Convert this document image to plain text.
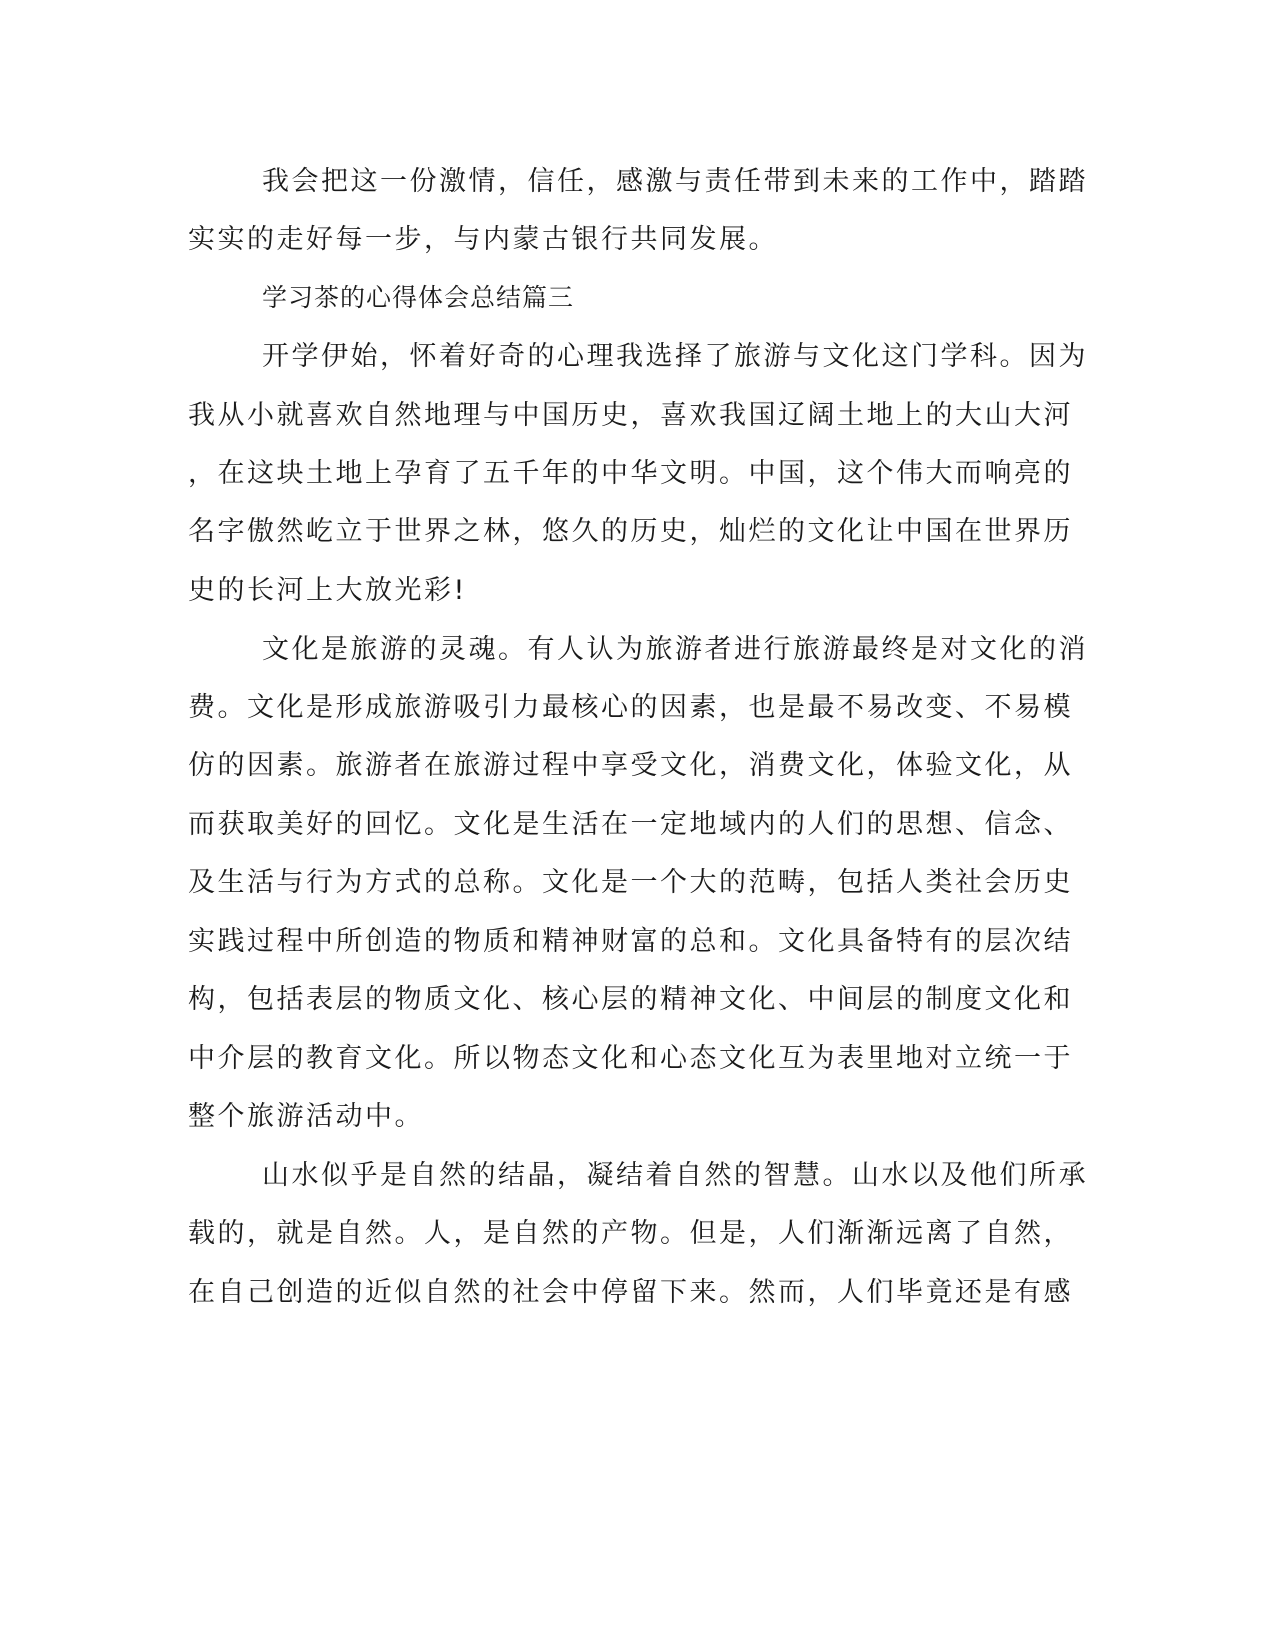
我会把这一份激情，信任，感激与责任带到未来的工作中，踏踏
实实的走好每一步，与内蒙古银行共同发展。
学习茶的心得体会总结篇三
开学伊始，怀着好奇的心理我选择了旅游与文化这门学科。因为
我从小就喜欢自然地理与中国历史，喜欢我国辽阔土地上的大山大河
，在这块土地上孕育了五千年的中华文明。中国，这个伟大而响亮的
名字傲然屹立于世界之林，悠久的历史，灿烂的文化让中国在世界历
史的长河上大放光彩!
文化是旅游的灵魂。有人认为旅游者进行旅游最终是对文化的消
费。文化是形成旅游吸引力最核心的因素，也是最不易改变、不易模
仿的因素。旅游者在旅游过程中享受文化，消费文化，体验文化，从
而获取美好的回忆。文化是生活在一定地域内的人们的思想、信念、
及生活与行为方式的总称。文化是一个大的范畴，包括人类社会历史
实践过程中所创造的物质和精神财富的总和。文化具备特有的层次结
构，包括表层的物质文化、核心层的精神文化、中间层的制度文化和
中介层的教育文化。所以物态文化和心态文化互为表里地对立统一于
整个旅游活动中。
山水似乎是自然的结晶，凝结着自然的智慧。山水以及他们所承
载的，就是自然。人，是自然的产物。但是，人们渐渐远离了自然，
在自己创造的近似自然的社会中停留下来。然而，人们毕竟还是有感
